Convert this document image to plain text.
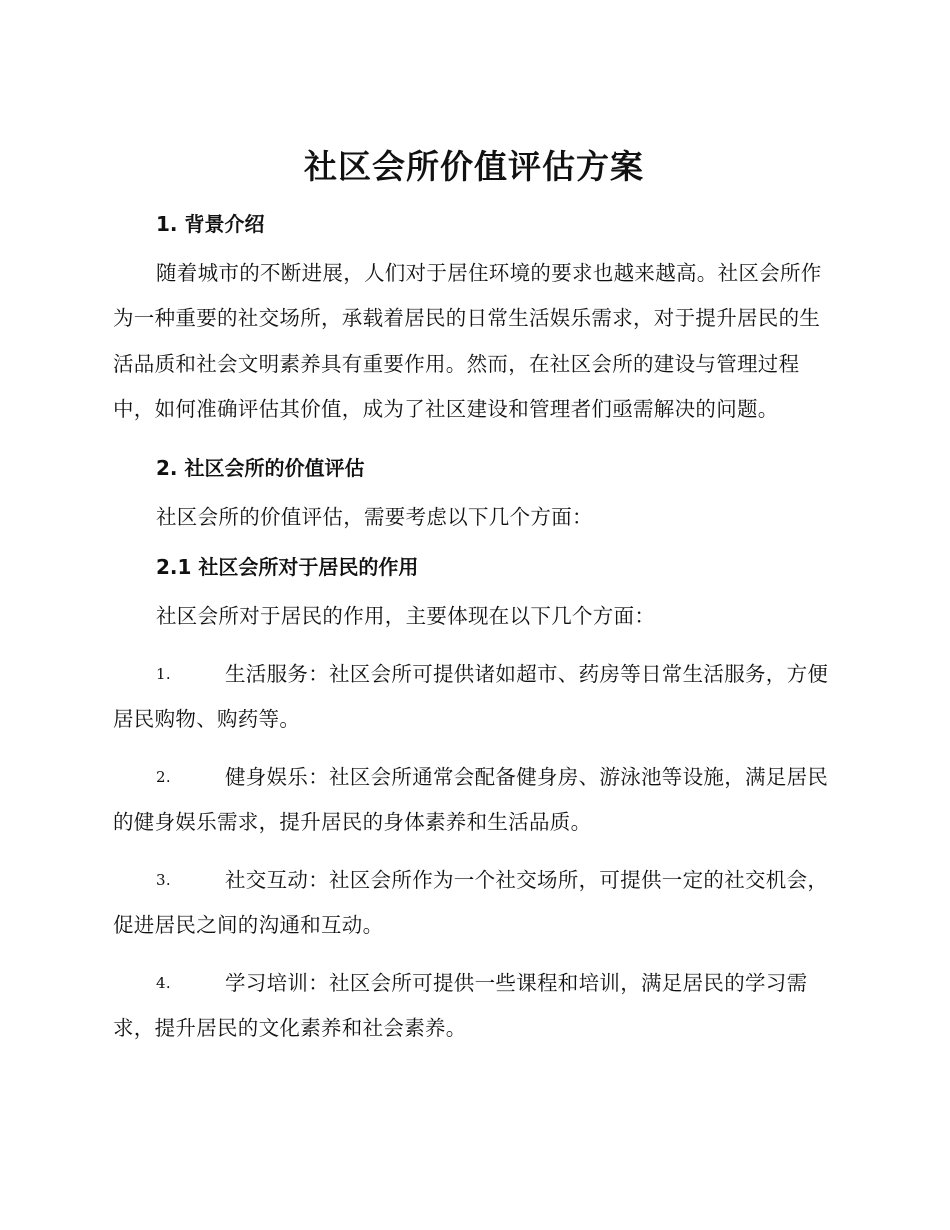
社区会所价值评估方案
1. 背景介绍

随着城市的不断进展，人们对于居住环境的要求也越来越高。社区会所作为一种重要的社交场所，承载着居民的日常生活娱乐需求，对于提升居民的生活品质和社会文明素养具有重要作用。然而，在社区会所的建设与管理过程中，如何准确评估其价值，成为了社区建设和管理者们亟需解决的问题。

2. 社区会所的价值评估

社区会所的价值评估，需要考虑以下几个方面：

2.1 社区会所对于居民的作用

社区会所对于居民的作用，主要体现在以下几个方面：

1.	生活服务：社区会所可提供诸如超市、药房等日常生活服务，方便居民购物、购药等。

2.	健身娱乐：社区会所通常会配备健身房、游泳池等设施，满足居民的健身娱乐需求，提升居民的身体素养和生活品质。

3.	社交互动：社区会所作为一个社交场所，可提供一定的社交机会，促进居民之间的沟通和互动。

4.	学习培训：社区会所可提供一些课程和培训，满足居民的学习需求，提升居民的文化素养和社会素养。
